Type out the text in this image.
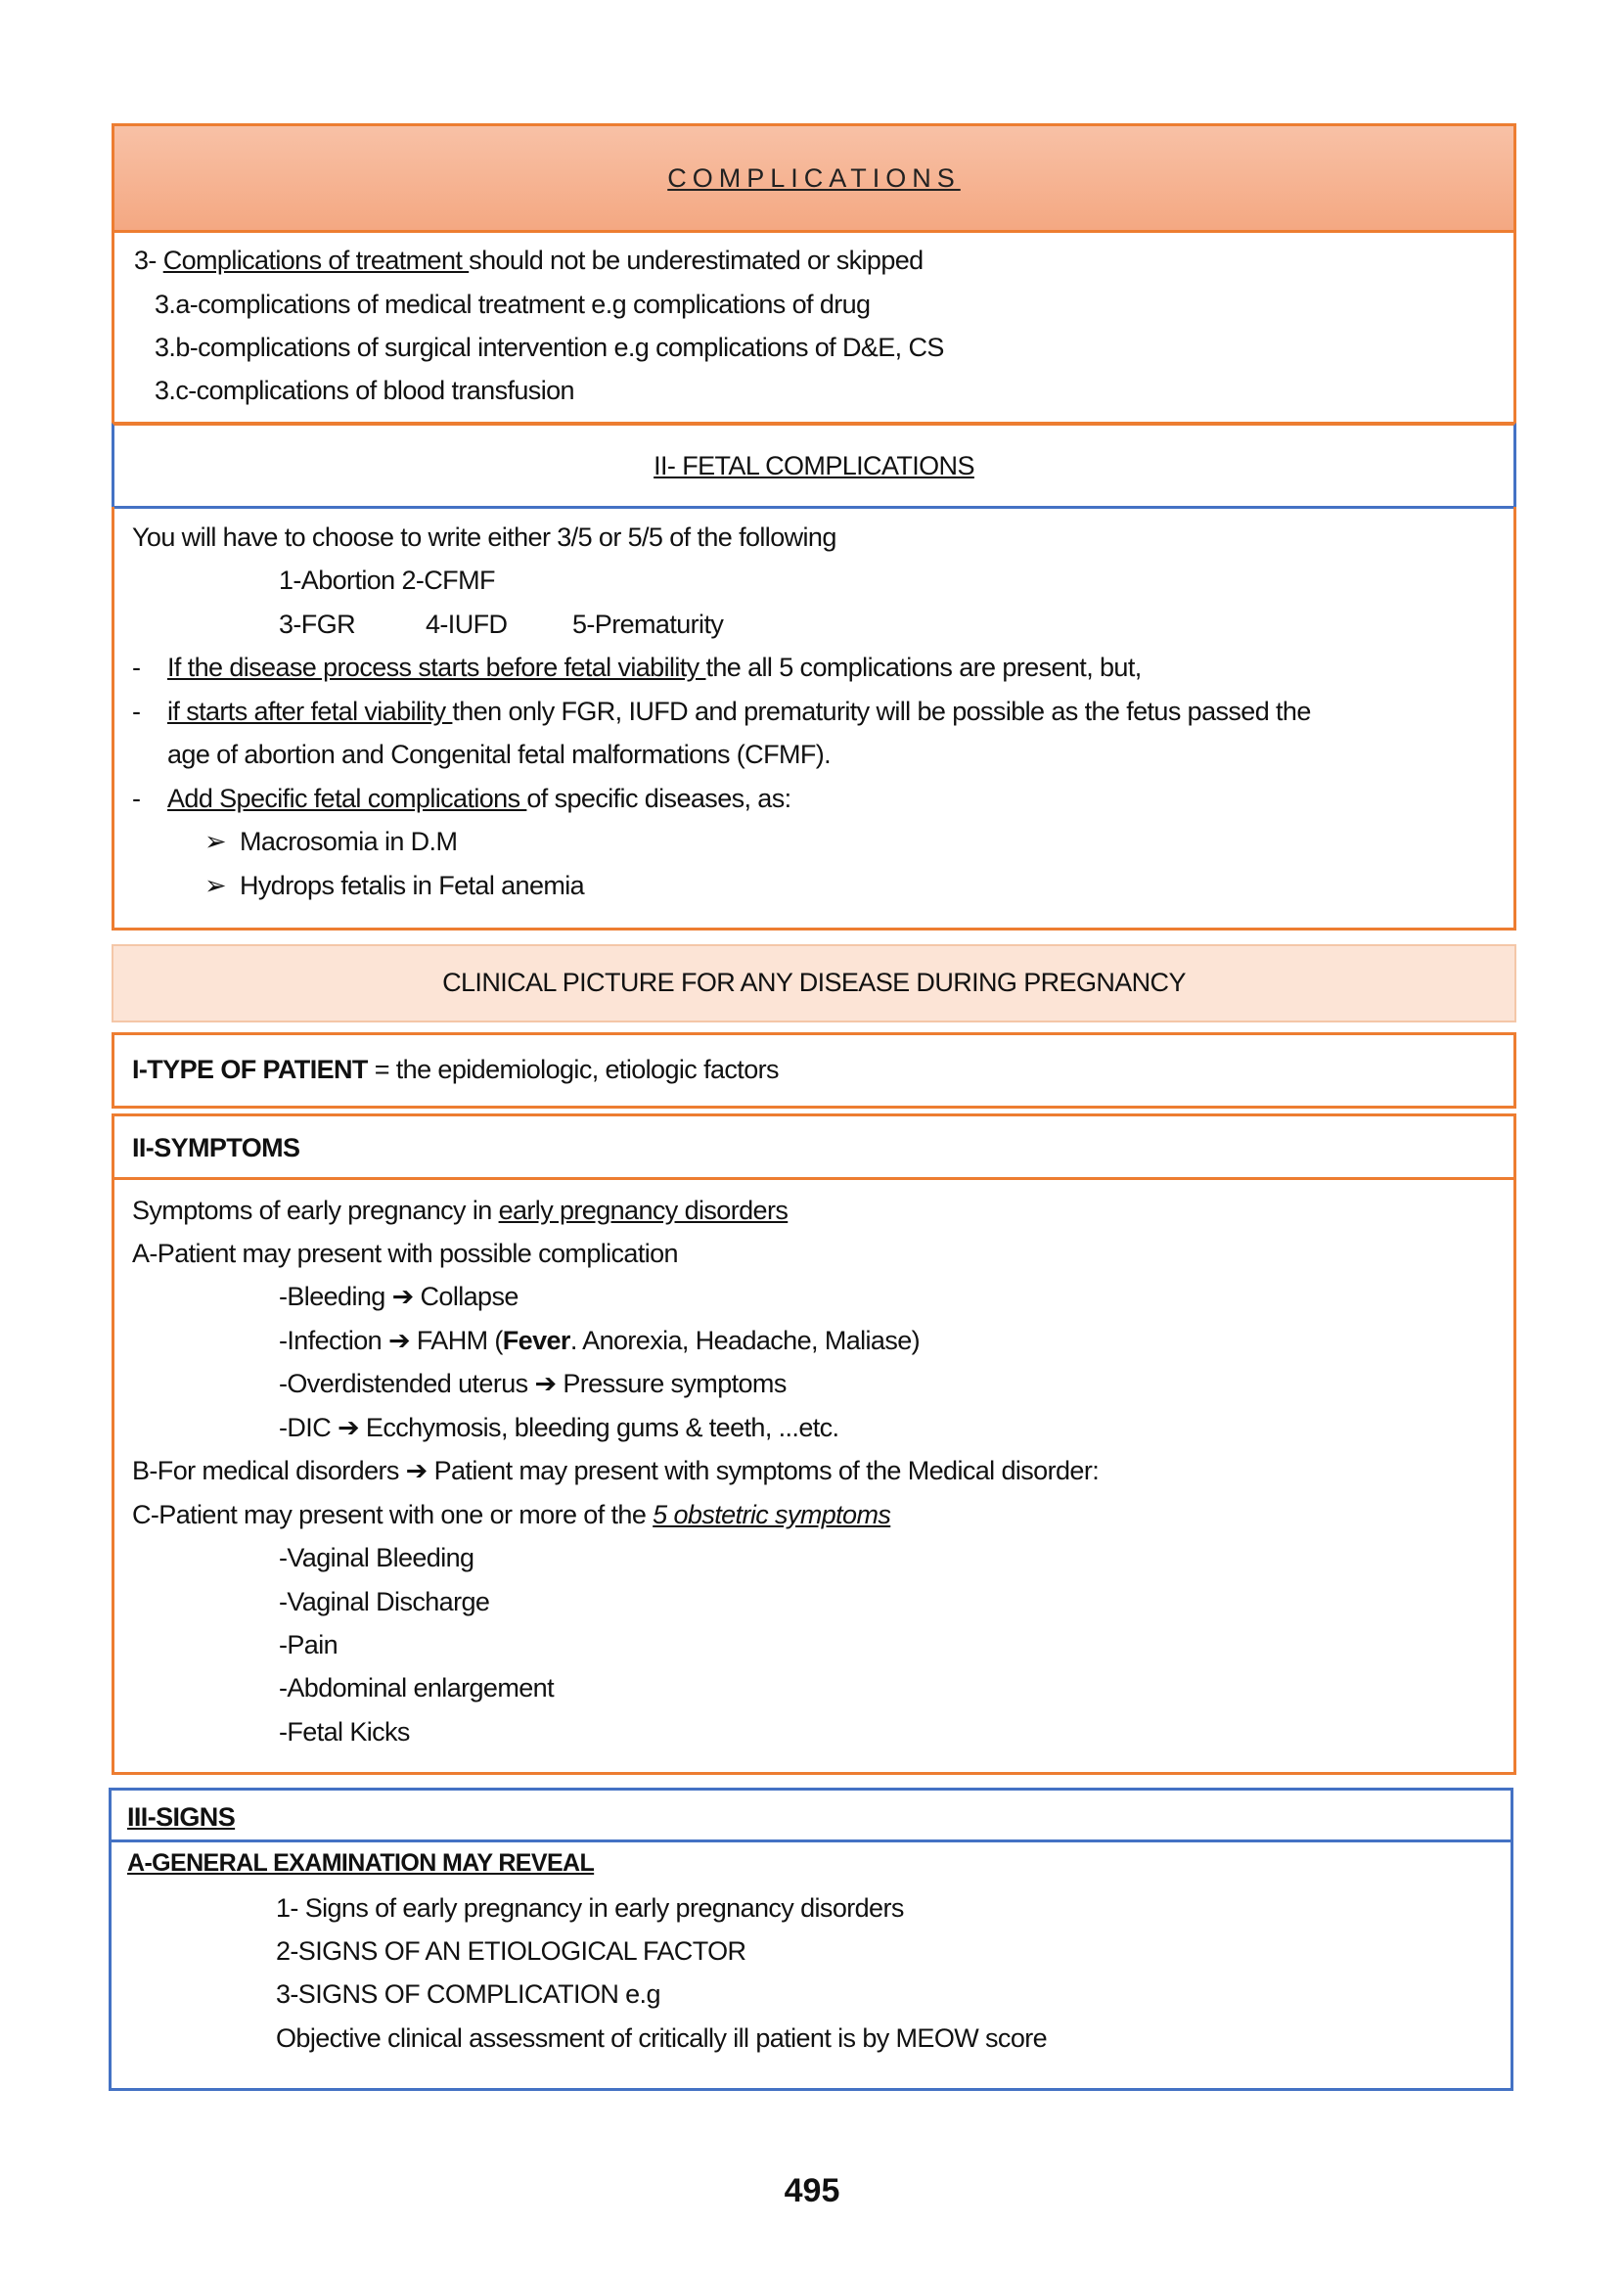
COMPLICATIONS
3- Complications of treatment should not be underestimated or skipped
3.a-complications of medical treatment e.g complications of drug
3.b-complications of surgical intervention e.g complications of D&E, CS
3.c-complications of blood transfusion
II- FETAL COMPLICATIONS
You will have to choose to write either 3/5 or 5/5 of the following
1-Abortion 2-CFMF
3-FGR	4-IUFD 5-Prematurity
- If the disease process starts before fetal viability the all 5 complications are present, but,
- if starts after fetal viability then only FGR, IUFD and prematurity will be possible as the fetus passed the
age of abortion and Congenital fetal malformations (CFMF).
- Add Specific fetal complications of specific diseases, as:
➢ Macrosomia in D.M
➢ Hydrops fetalis in Fetal anemia
CLINICAL PICTURE FOR ANY DISEASE DURING PREGNANCY
I-TYPE OF PATIENT = the epidemiologic, etiologic factors
II-SYMPTOMS
Symptoms of early pregnancy in early pregnancy disorders
A-Patient may present with possible complication
-Bleeding ➔ Collapse
-Infection ➔ FAHM (Fever. Anorexia, Headache, Maliase)
-Overdistended uterus ➔ Pressure symptoms
-DIC ➔ Ecchymosis, bleeding gums & teeth, ...etc.
B-For medical disorders ➔ Patient may present with symptoms of the Medical disorder:
C-Patient may present with one or more of the 5 obstetric symptoms
-Vaginal Bleeding
-Vaginal Discharge
-Pain
-Abdominal enlargement
-Fetal Kicks
III-SIGNS
A-GENERAL EXAMINATION MAY REVEAL
1- Signs of early pregnancy in early pregnancy disorders
2-SIGNS OF AN ETIOLOGICAL FACTOR
3-SIGNS OF COMPLICATION e.g
Objective clinical assessment of critically ill patient is by MEOW score
495
